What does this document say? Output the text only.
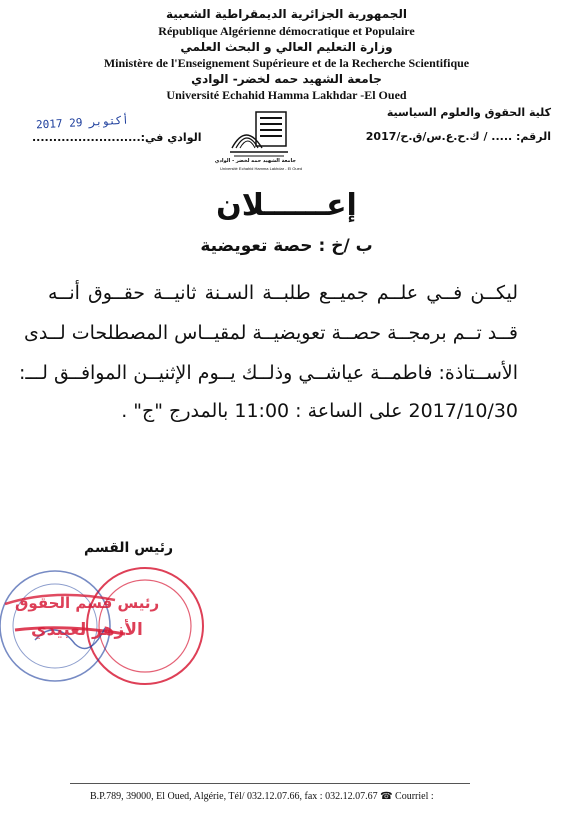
الجمهورية الجزائرية الديمقراطية الشعبية
République Algérienne démocratique et Populaire
وزارة التعليم العالي و البحث العلمي
Ministère de l'Enseignement Supérieure et de la Recherche Scientifique
جامعة الشهيد حمه لخضر- الوادي
Université Echahid Hamma Lakhdar -El Oued
كلية الحقوق والعلوم السياسية
الرقم: ..... / ك.ح.ع.س/ق.ح/2017
2017 أكتوبر 29
الوادي في:..........................
جامعة الشهيد حمه لخضر - الوادي
Université Echahid Hamma Lakhdar - El Oued
إعــــــلان
ب /خ : حصة تعويضية
ليكــن فــي علــم جميــع طلبــة السـنة ثانيــة حقــوق أنــه
قــد تــم برمجــة حصــة تعويضيــة لمقيــاس المصطلحات لــدى
الأســتاذة: فاطمــة عياشــي وذلــك يــوم الإثنيــن الموافــق لـــ:
2017/10/30 على الساعة : 11:00 بالمدرج "ج" .
رئيس القسم
رئيس قسم الحقوق
الأزهر لعبيدي
B.P.789, 39000, El Oued, Algérie, Tél/ 032.12.07.66, fax : 032.12.07.67 ☎ Courriel :
